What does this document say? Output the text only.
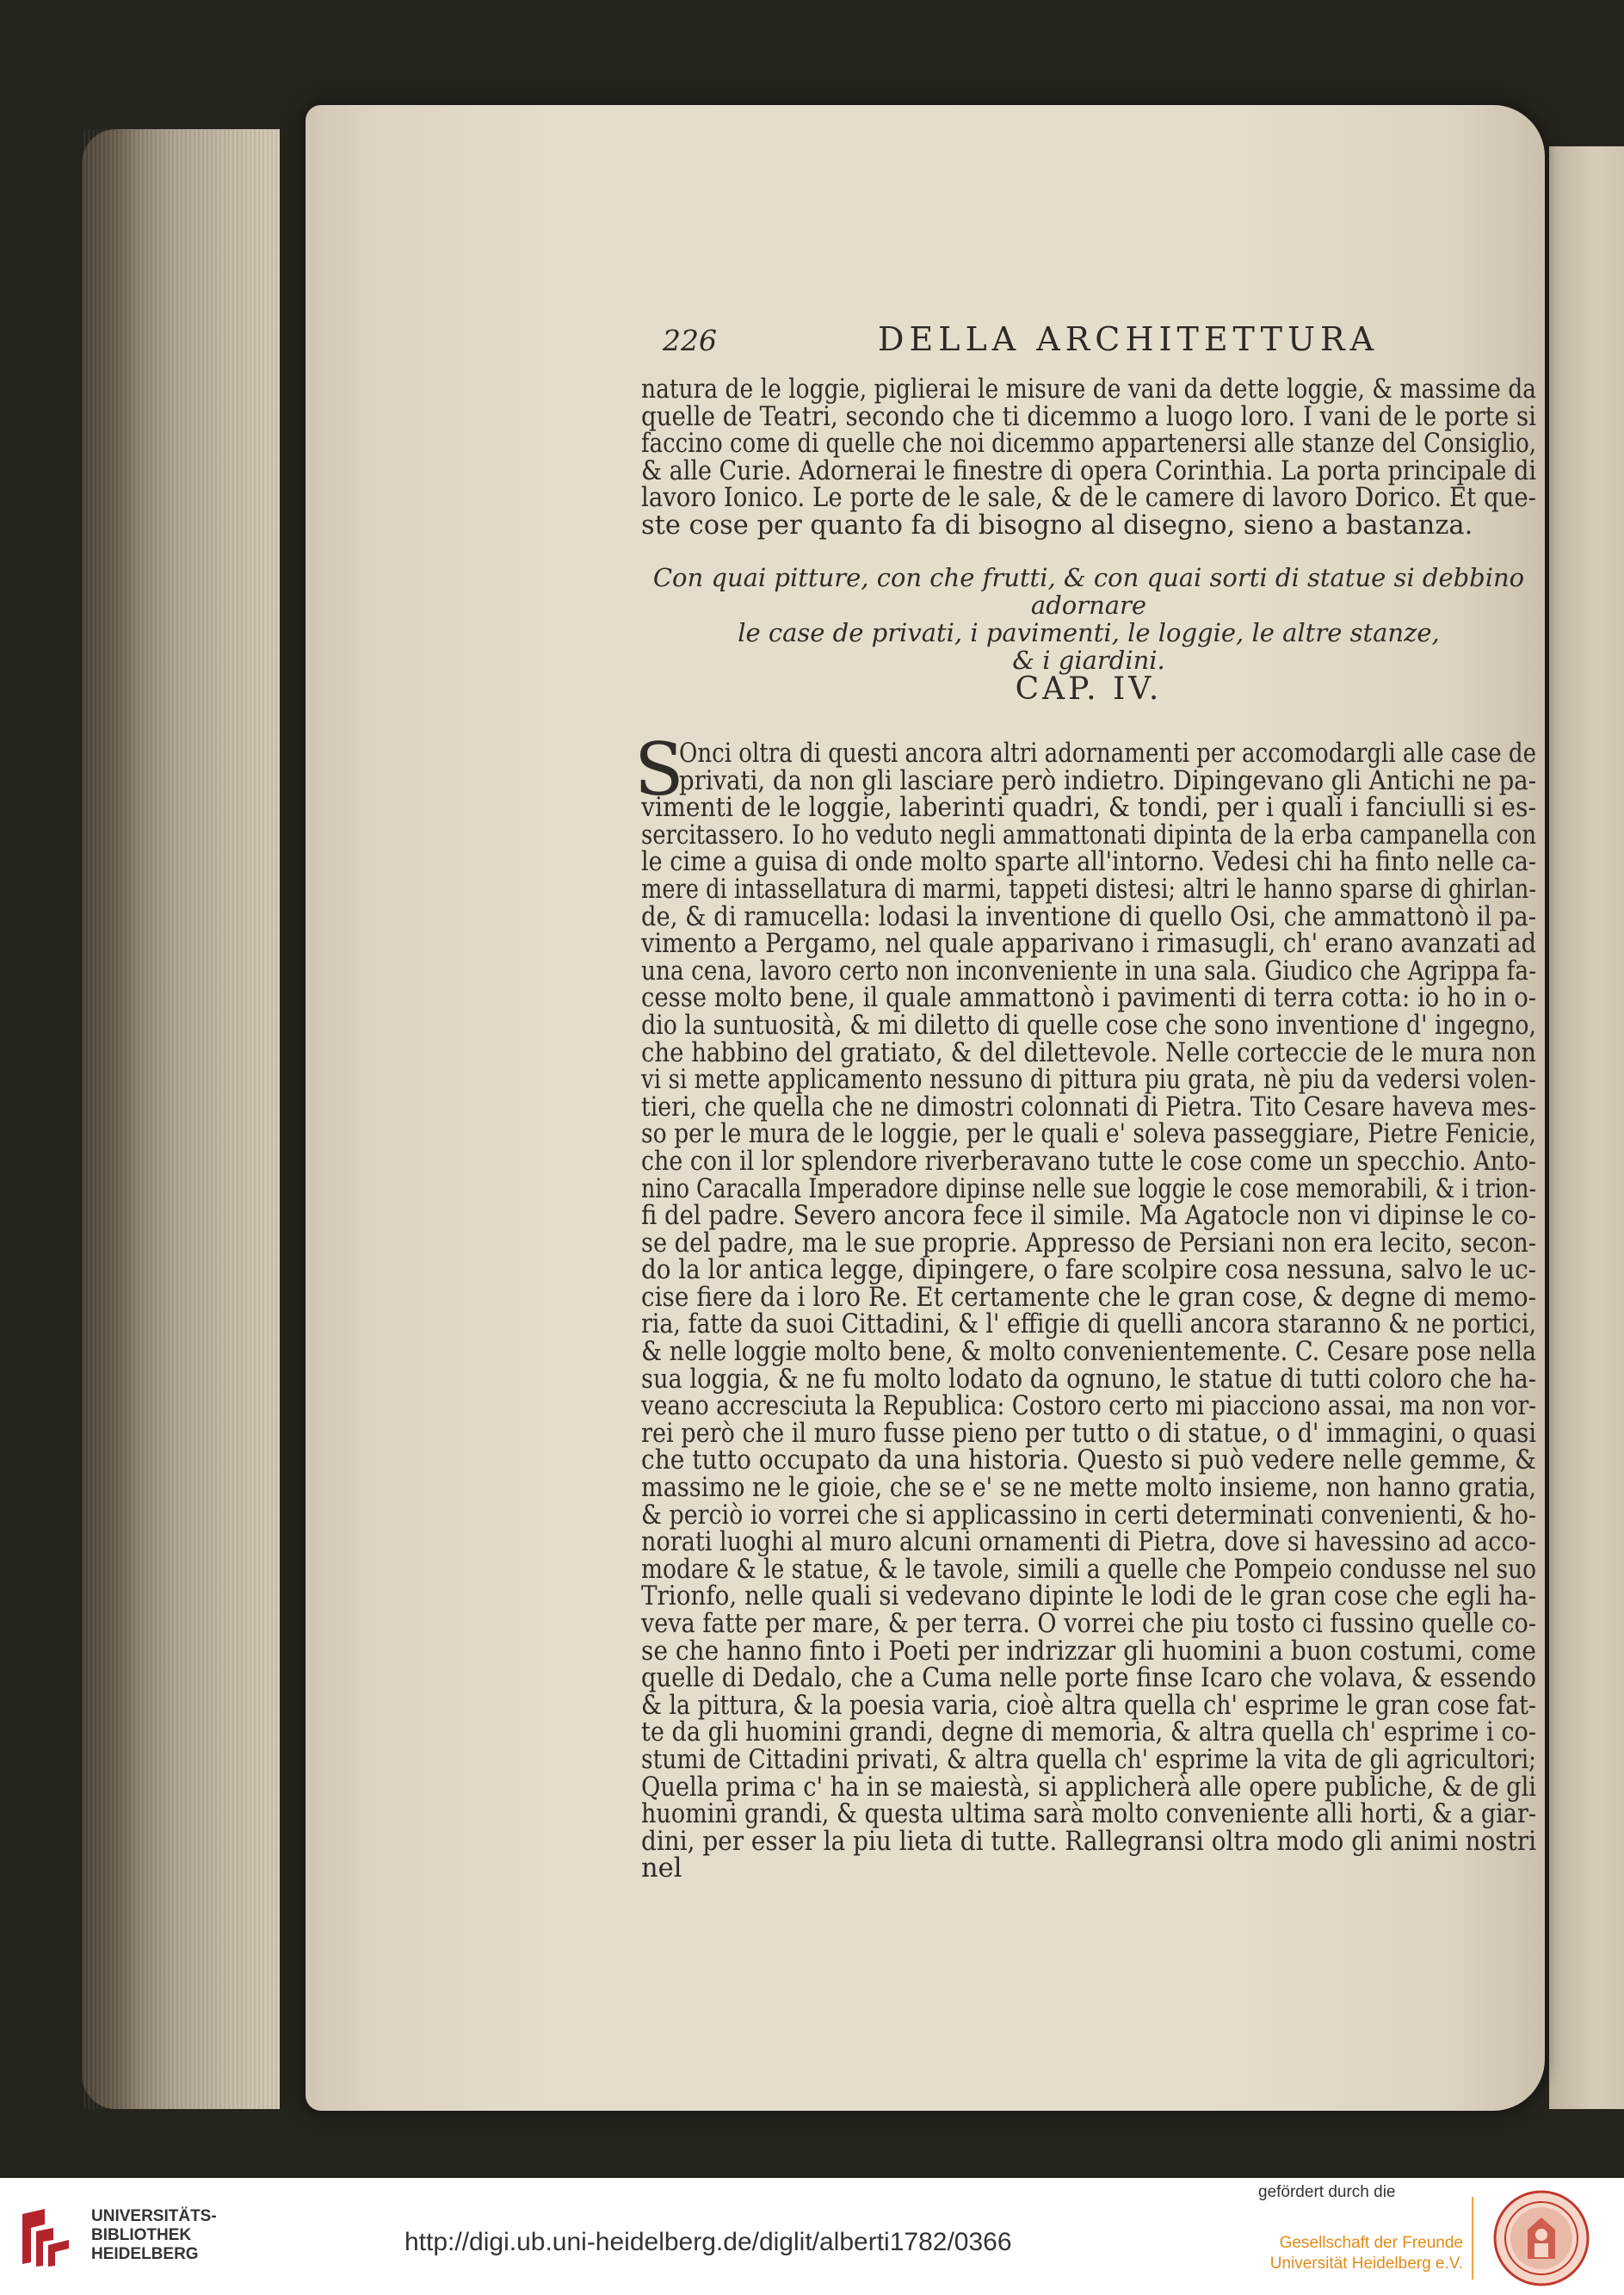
226	DELLA ARCHITETTURA
natura de le loggie, piglierai le misure de vani da dette loggie, & massime da
quelle de Teatri, secondo che ti dicemmo a luogo loro. I vani de le porte si
faccino come di quelle che noi dicemmo appartenersi alle stanze del Consiglio,
& alle Curie. Adornerai le finestre di opera Corinthia. La porta principale di
lavoro Ionico. Le porte de le sale, & de le camere di lavoro Dorico. Et que-
ste cose per quanto fa di bisogno al disegno, sieno a bastanza.
Con quai pitture, con che frutti, & con quai sorti di statue si debbino adornare
le case de privati, i pavimenti, le loggie, le altre stanze,
& i giardini.
CAP. IV.
S
Onci oltra di questi ancora altri adornamenti per accomodargli alle case de
privati, da non gli lasciare però indietro. Dipingevano gli Antichi ne pa-
vimenti de le loggie, laberinti quadri, & tondi, per i quali i fanciulli si es-
sercitassero. Io ho veduto negli ammattonati dipinta de la erba campanella con
le cime a guisa di onde molto sparte all'intorno. Vedesi chi ha finto nelle ca-
mere di intassellatura di marmi, tappeti distesi; altri le hanno sparse di ghirlan-
de, & di ramucella: lodasi la inventione di quello Osi, che ammattonò il pa-
vimento a Pergamo, nel quale apparivano i rimasugli, ch' erano avanzati ad
una cena, lavoro certo non inconveniente in una sala. Giudico che Agrippa fa-
cesse molto bene, il quale ammattonò i pavimenti di terra cotta: io ho in o-
dio la suntuosità, & mi diletto di quelle cose che sono inventione d' ingegno,
che habbino del gratiato, & del dilettevole. Nelle corteccie de le mura non
vi si mette applicamento nessuno di pittura piu grata, nè piu da vedersi volen-
tieri, che quella che ne dimostri colonnati di Pietra. Tito Cesare haveva mes-
so per le mura de le loggie, per le quali e' soleva passeggiare, Pietre Fenicie,
che con il lor splendore riverberavano tutte le cose come un specchio. Anto-
nino Caracalla Imperadore dipinse nelle sue loggie le cose memorabili, & i trion-
fi del padre. Severo ancora fece il simile. Ma Agatocle non vi dipinse le co-
se del padre, ma le sue proprie. Appresso de Persiani non era lecito, secon-
do la lor antica legge, dipingere, o fare scolpire cosa nessuna, salvo le uc-
cise fiere da i loro Re. Et certamente che le gran cose, & degne di memo-
ria, fatte da suoi Cittadini, & l' effigie di quelli ancora staranno & ne portici,
& nelle loggie molto bene, & molto convenientemente. C. Cesare pose nella
sua loggia, & ne fu molto lodato da ognuno, le statue di tutti coloro che ha-
veano accresciuta la Republica: Costoro certo mi piacciono assai, ma non vor-
rei però che il muro fusse pieno per tutto o di statue, o d' immagini, o quasi
che tutto occupato da una historia. Questo si può vedere nelle gemme, &
massimo ne le gioie, che se e' se ne mette molto insieme, non hanno gratia,
& perciò io vorrei che si applicassino in certi determinati convenienti, & ho-
norati luoghi al muro alcuni ornamenti di Pietra, dove si havessino ad acco-
modare & le statue, & le tavole, simili a quelle che Pompeio condusse nel suo
Trionfo, nelle quali si vedevano dipinte le lodi de le gran cose che egli ha-
veva fatte per mare, & per terra. O vorrei che piu tosto ci fussino quelle co-
se che hanno finto i Poeti per indrizzar gli huomini a buon costumi, come
quelle di Dedalo, che a Cuma nelle porte finse Icaro che volava, & essendo
& la pittura, & la poesia varia, cioè altra quella ch' esprime le gran cose fat-
te da gli huomini grandi, degne di memoria, & altra quella ch' esprime i co-
stumi de Cittadini privati, & altra quella ch' esprime la vita de gli agricultori;
Quella prima c' ha in se maiestà, si applicherà alle opere publiche, & de gli
huomini grandi, & questa ultima sarà molto conveniente alli horti, & a giar-
dini, per esser la piu lieta di tutte. Rallegransi oltra modo gli animi nostri
nel
UNIVERSITÄTS-
BIBLIOTHEK
HEIDELBERG	http://digi.ub.uni-heidelberg.de/diglit/alberti1782/0366
gefördert durch die
Gesellschaft der Freunde
Universität Heidelberg e.V.
